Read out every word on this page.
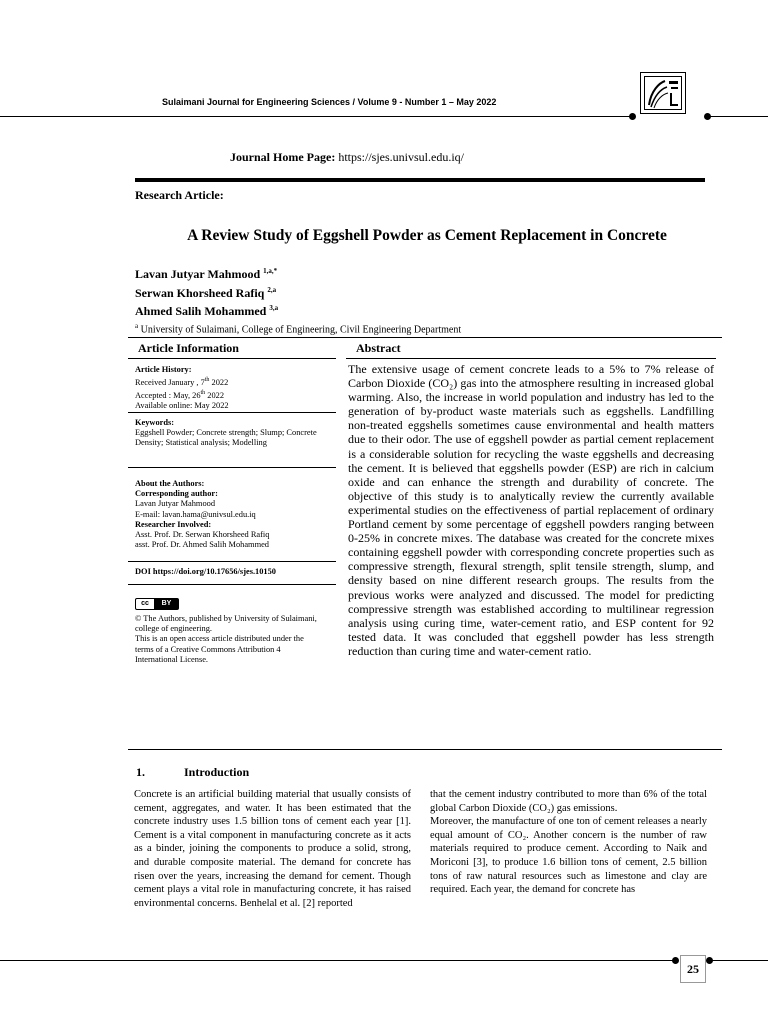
Sulaimani Journal for Engineering Sciences / Volume 9 - Number 1 – May 2022
Journal Home Page: https://sjes.univsul.edu.iq/
Research Article:
A Review Study of Eggshell Powder as Cement Replacement in Concrete
Lavan Jutyar Mahmood $^{1,a,*}$
Serwan Khorsheed Rafiq $^{2,a}$
Ahmed Salih Mohammed $^{3,a}$
$^a$ University of Sulaimani, College of Engineering, Civil Engineering Department
Article Information	Abstract
Article History:
Received January , 7th 2022
Accepted : May, 26th 2022
Available online: May 2022
Keywords:
Eggshell Powder; Concrete strength; Slump; Concrete Density; Statistical analysis; Modelling
About the Authors:
Corresponding author:
Lavan Jutyar Mahmood
E-mail: lavan.hama@univsul.edu.iq
Researcher Involved:
Asst. Prof. Dr. Serwan Khorsheed Rafiq
asst. Prof. Dr. Ahmed Salih Mohammed
DOI https://doi.org/10.17656/sjes.10150
cc	BY
© The Authors, published by University of Sulaimani, college of engineering.
This is an open access article distributed under the terms of a Creative Commons Attribution 4 International License.
The extensive usage of cement concrete leads to a 5% to 7% release of Carbon Dioxide (CO₂) gas into the atmosphere resulting in increased global warming. Also, the increase in world population and industry has led to the generation of by-product waste materials such as eggshells. Landfilling non-treated eggshells sometimes cause environmental and health matters due to their odor. The use of eggshell powder as partial cement replacement is a considerable solution for recycling the waste eggshells and decreasing the cement. It is believed that eggshells powder (ESP) are rich in calcium oxide and can enhance the strength and durability of concrete. The objective of this study is to analytically review the currently available experimental studies on the effectiveness of partial replacement of ordinary Portland cement by some percentage of eggshell powders ranging between 0-25% in concrete mixes. The database was created for the concrete mixes containing eggshell powder with corresponding concrete properties such as compressive strength, flexural strength, split tensile strength, slump, and density based on nine different research groups. The results from the previous works were analyzed and discussed. The model for predicting compressive strength was established according to multilinear regression analysis using curing time, water-cement ratio, and ESP content for 92 tested data. It was concluded that eggshell powder has less strength reduction than curing time and water-cement ratio.
1.	Introduction
Concrete is an artificial building material that usually consists of cement, aggregates, and water. It has been estimated that the concrete industry uses 1.5 billion tons of cement each year [1]. Cement is a vital component in manufacturing concrete as it acts as a binder, joining the components to produce a solid, strong, and durable composite material. The demand for concrete has risen over the years, increasing the demand for cement. Though cement plays a vital role in manufacturing concrete, it has raised environmental concerns. Benhelal et al. [2] reported
that the cement industry contributed to more than 6% of the total global Carbon Dioxide (CO₂) gas emissions.
Moreover, the manufacture of one ton of cement releases a nearly equal amount of CO₂. Another concern is the number of raw materials required to produce cement. According to Naik and Moriconi [3], to produce 1.6 billion tons of cement, 2.5 billion tons of raw natural resources such as limestone and clay are required. Each year, the demand for concrete has
25
